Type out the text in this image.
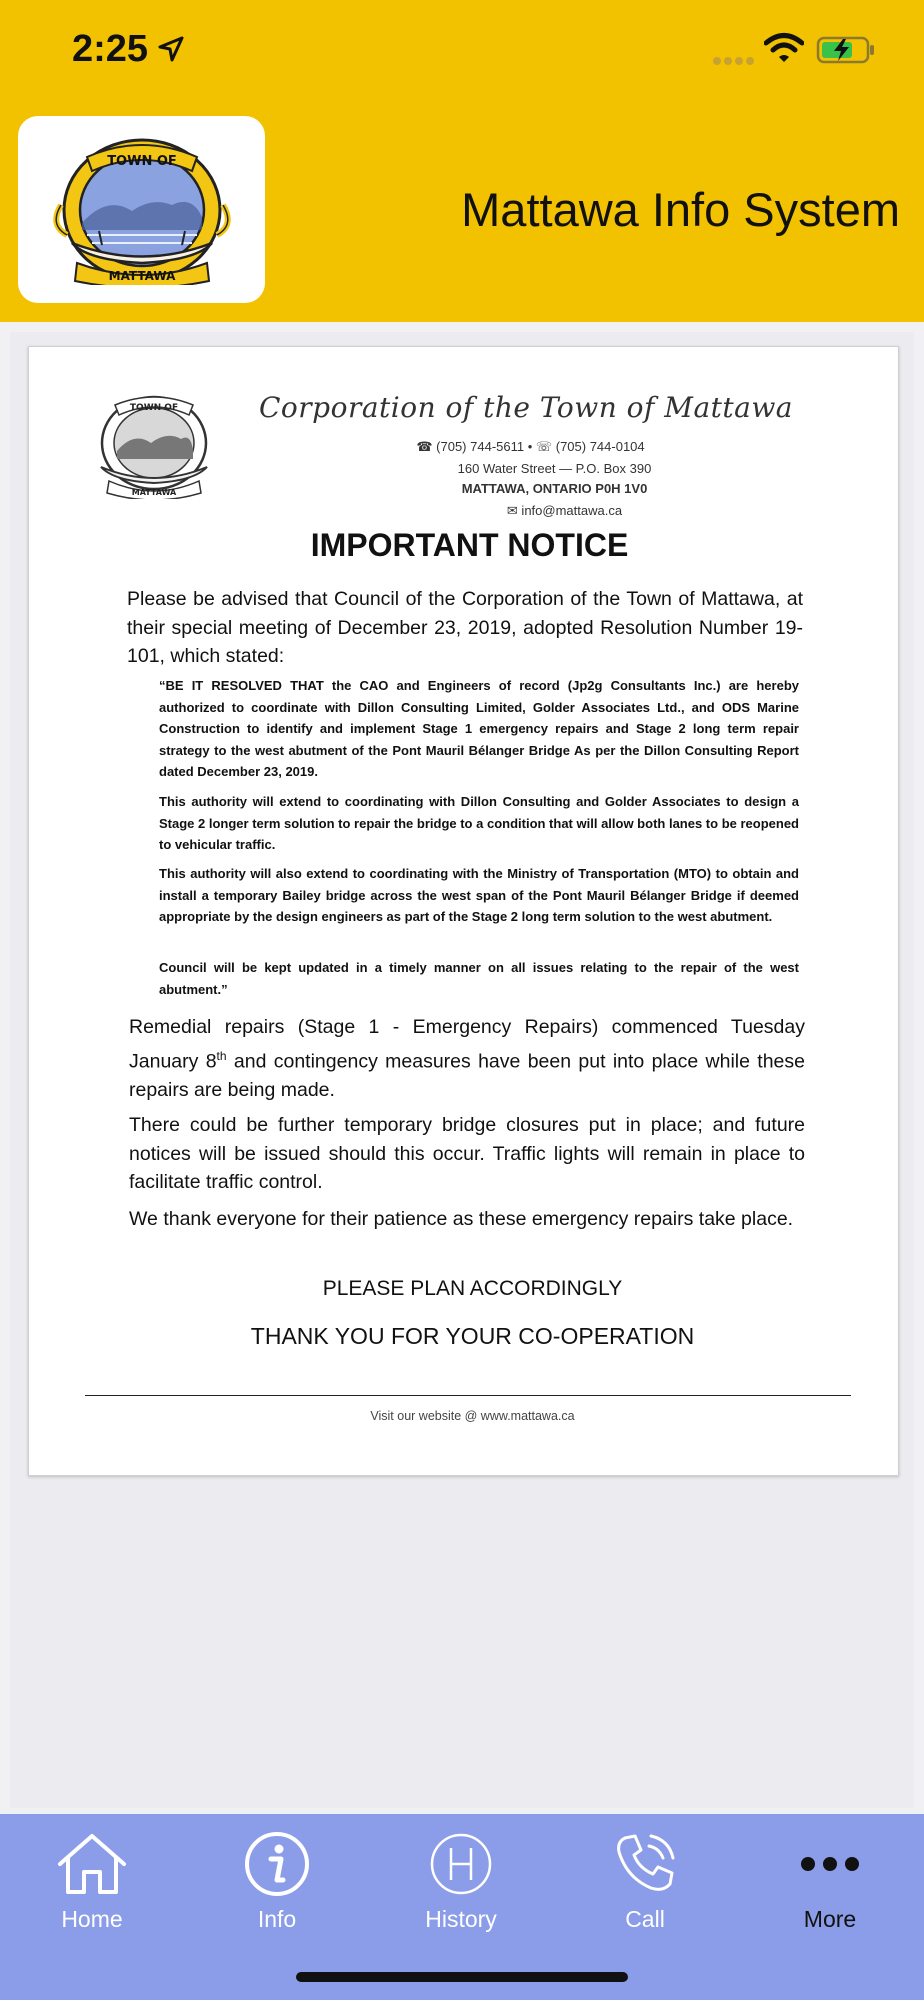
2:25
TOWN OF
MATTAWA
Mattawa Info System
TOWN OF
MATTAWA
Corporation of the Town of Mattawa
☎ (705) 744-5611 • ☏ (705) 744-0104
160 Water Street — P.O. Box 390
MATTAWA, ONTARIO P0H 1V0
✉ info@mattawa.ca
IMPORTANT NOTICE
Please be advised that Council of the Corporation of the Town of Mattawa, at their special meeting of December 23, 2019, adopted Resolution Number 19-101, which stated:
“BE IT RESOLVED THAT the CAO and Engineers of record (Jp2g Consultants Inc.) are hereby authorized to coordinate with Dillon Consulting Limited, Golder Associates Ltd., and ODS Marine Construction to identify and implement Stage 1 emergency repairs and Stage 2 long term repair strategy to the west abutment of the Pont Mauril Bélanger Bridge As per the Dillon Consulting Report dated December 23, 2019.
This authority will extend to coordinating with Dillon Consulting and Golder Associates to design a Stage 2 longer term solution to repair the bridge to a condition that will allow both lanes to be reopened to vehicular traffic.
This authority will also extend to coordinating with the Ministry of Transportation (MTO) to obtain and install a temporary Bailey bridge across the west span of the Pont Mauril Bélanger Bridge if deemed appropriate by the design engineers as part of the Stage 2 long term solution to the west abutment.
Council will be kept updated in a timely manner on all issues relating to the repair of the west abutment.”
Remedial repairs (Stage 1 - Emergency Repairs) commenced Tuesday January 8th and contingency measures have been put into place while these repairs are being made.
There could be further temporary bridge closures put in place; and future notices will be issued should this occur. Traffic lights will remain in place to facilitate traffic control.
We thank everyone for their patience as these emergency repairs take place.
PLEASE PLAN ACCORDINGLY
THANK YOU FOR YOUR CO-OPERATION
Visit our website @ www.mattawa.ca
Home	Info	History	Call	More
